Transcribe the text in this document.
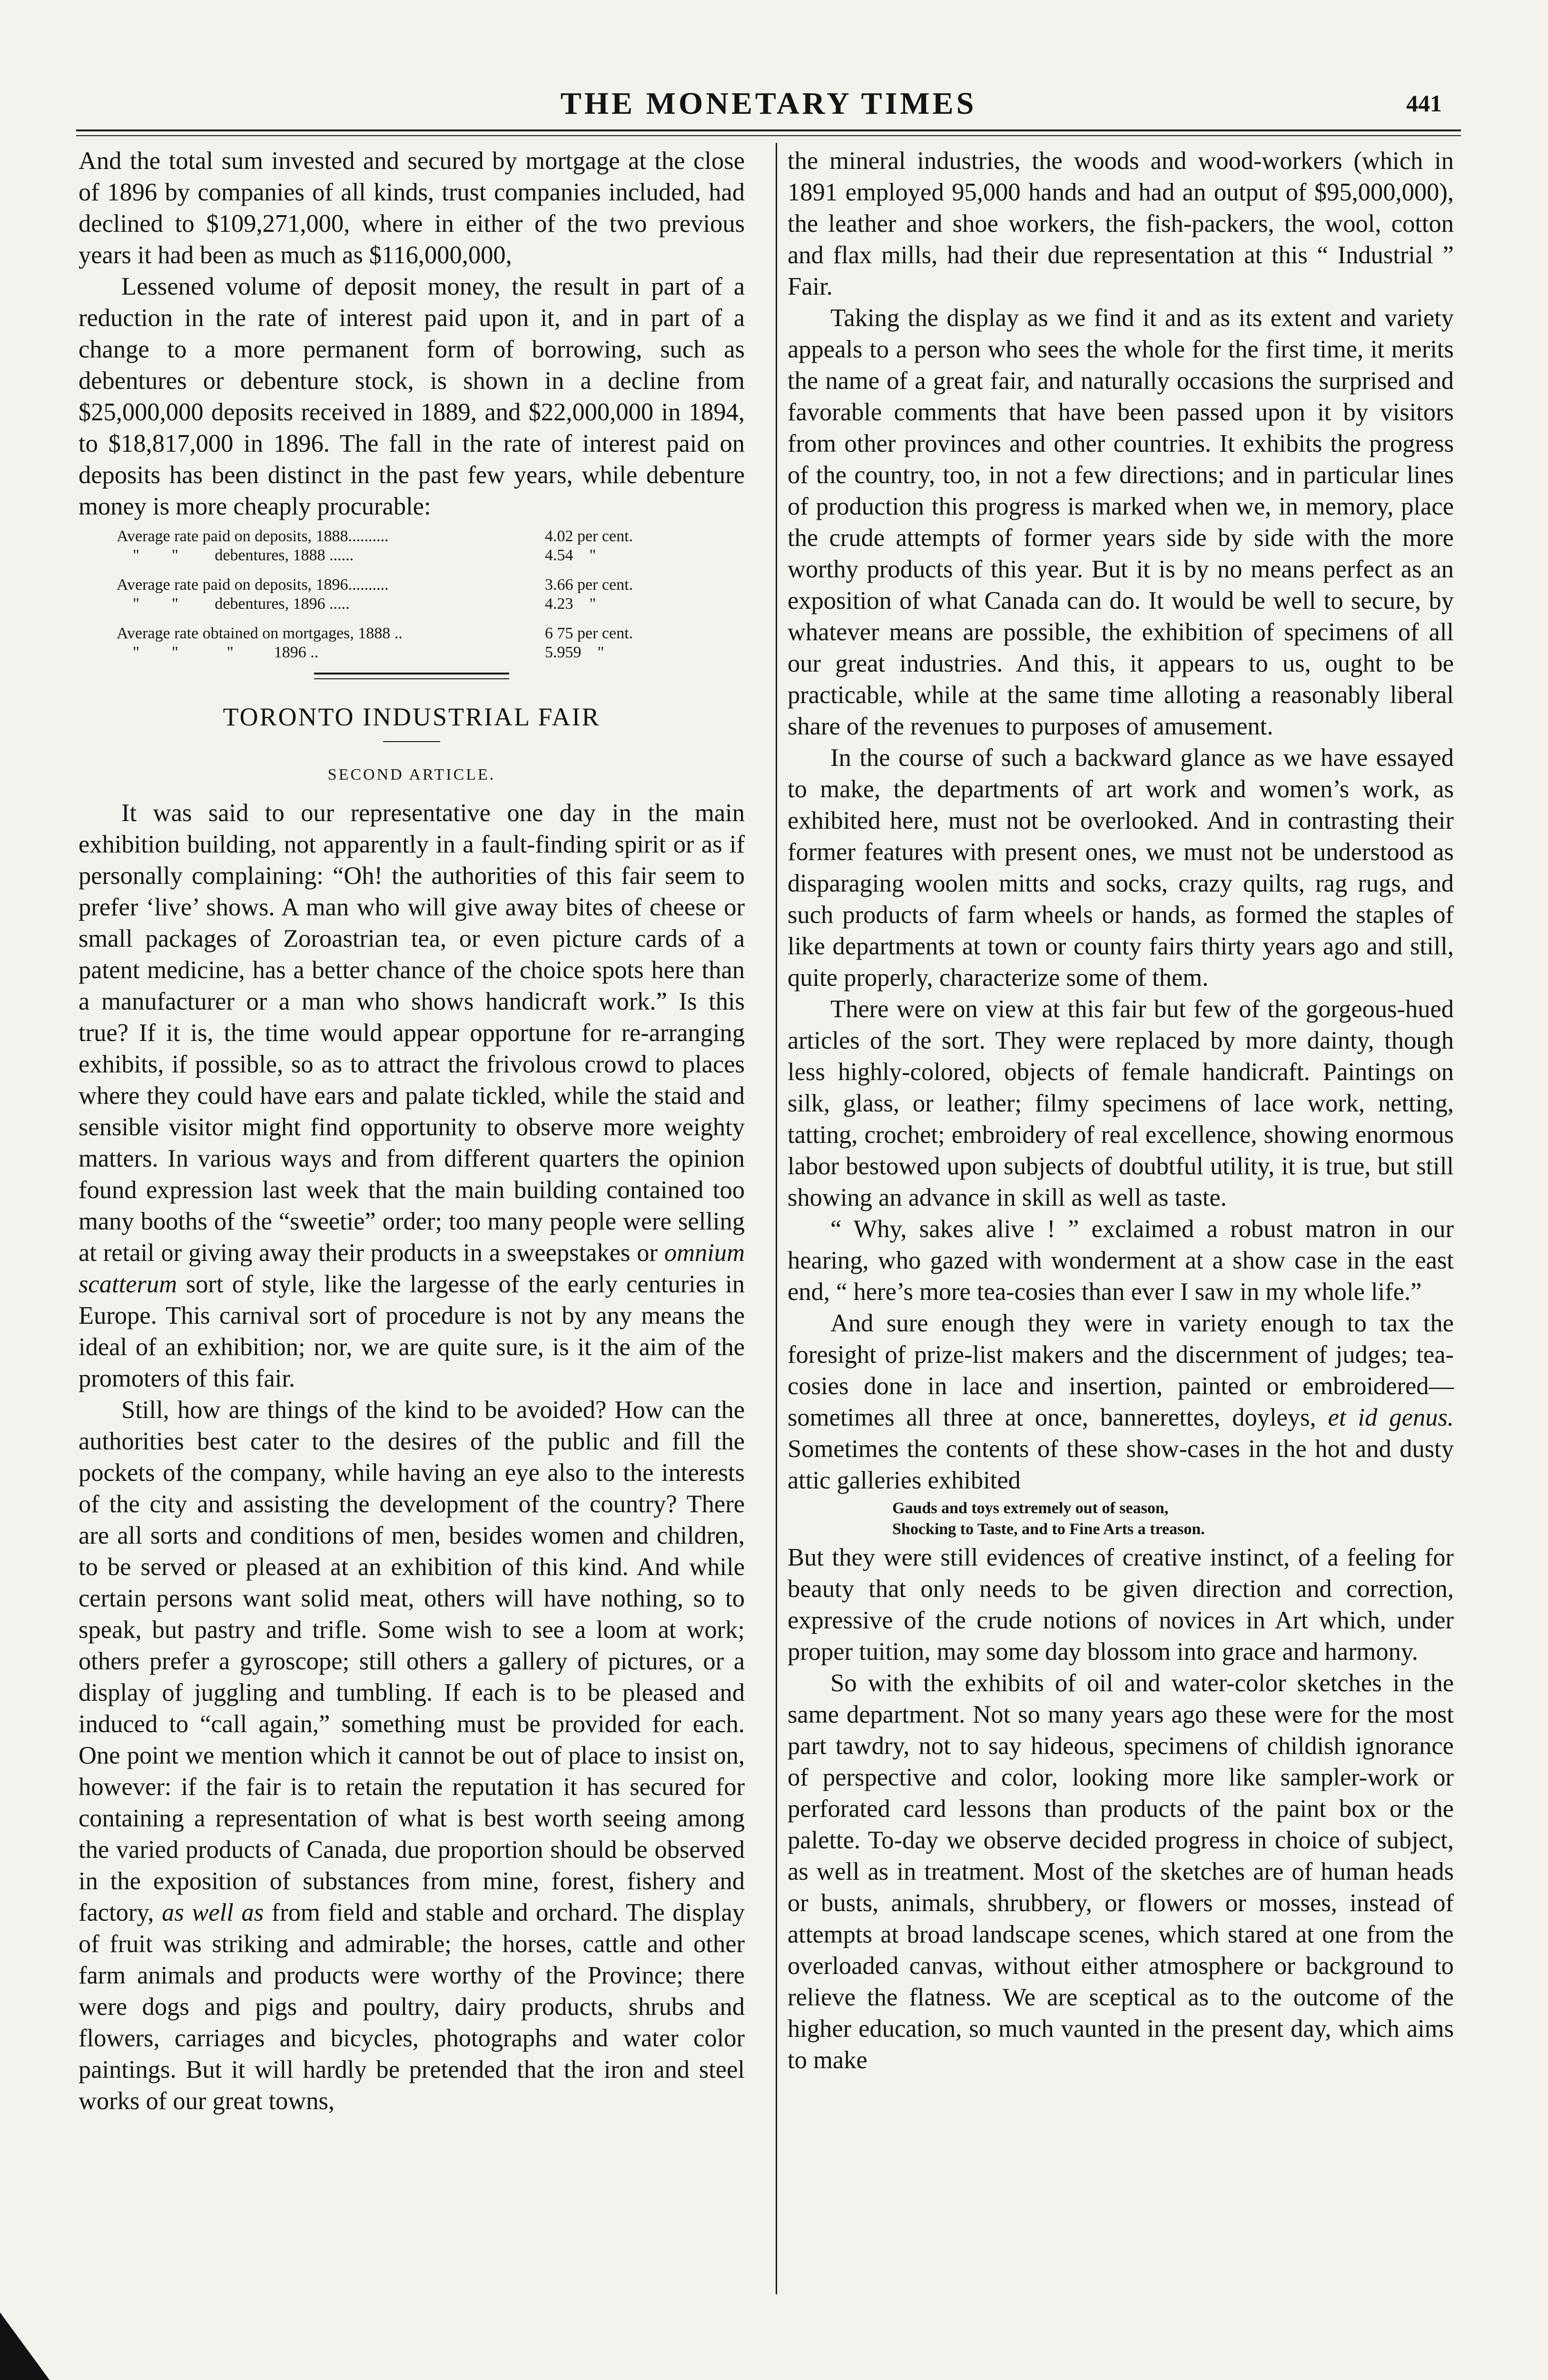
THE MONETARY TIMES	441

And the total sum invested and secured by mortgage at the close of 1896 by companies of all kinds, trust companies included, had declined to $109,271,000, where in either of the two previous years it had been as much as $116,000,000,

Lessened volume of deposit money, the result in part of a reduction in the rate of interest paid upon it, and in part of a change to a more permanent form of borrowing, such as debentures or debenture stock, is shown in a decline from $25,000,000 deposits received in 1889, and $22,000,000 in 1894, to $18,817,000 in 1896. The fall in the rate of interest paid on deposits has been distinct in the past few years, while debenture money is more cheaply procurable:

Average rate paid on deposits, 1888..........	4.02 per cent.
"        "         debentures, 1888 ......	4.54    "
Average rate paid on deposits, 1896..........	3.66 per cent.
"        "         debentures, 1896 .....	4.23    "
Average rate obtained on mortgages, 1888 ..	6 75 per cent.
"        "            "          1896 ..	5.959    "
TORONTO INDUSTRIAL FAIR
SECOND ARTICLE.

It was said to our representative one day in the main exhibition building, not apparently in a fault-finding spirit or as if personally complaining: “Oh! the authorities of this fair seem to prefer ‘live’ shows. A man who will give away bites of cheese or small packages of Zoroastrian tea, or even picture cards of a patent medicine, has a better chance of the choice spots here than a manufacturer or a man who shows handicraft work.” Is this true? If it is, the time would appear opportune for re-arranging exhibits, if possible, so as to attract the frivolous crowd to places where they could have ears and palate tickled, while the staid and sensible visitor might find opportunity to observe more weighty matters. In various ways and from different quarters the opinion found expression last week that the main building contained too many booths of the “sweetie” order; too many people were selling at retail or giving away their products in a sweepstakes or omnium scatterum sort of style, like the largesse of the early centuries in Europe. This carnival sort of procedure is not by any means the ideal of an exhibition; nor, we are quite sure, is it the aim of the promoters of this fair.

Still, how are things of the kind to be avoided? How can the authorities best cater to the desires of the public and fill the pockets of the company, while having an eye also to the interests of the city and assisting the development of the country? There are all sorts and conditions of men, besides women and children, to be served or pleased at an exhibition of this kind. And while certain persons want solid meat, others will have nothing, so to speak, but pastry and trifle. Some wish to see a loom at work; others prefer a gyroscope; still others a gallery of pictures, or a display of juggling and tumbling. If each is to be pleased and induced to “call again,” something must be provided for each. One point we mention which it cannot be out of place to insist on, however: if the fair is to retain the reputation it has secured for containing a representation of what is best worth seeing among the varied products of Canada, due proportion should be observed in the exposition of substances from mine, forest, fishery and factory, as well as from field and stable and orchard. The display of fruit was striking and admirable; the horses, cattle and other farm animals and products were worthy of the Province; there were dogs and pigs and poultry, dairy products, shrubs and flowers, carriages and bicycles, photographs and water color paintings. But it will hardly be pretended that the iron and steel works of our great towns,

the mineral industries, the woods and wood-workers (which in 1891 employed 95,000 hands and had an output of $95,000,000), the leather and shoe workers, the fish-packers, the wool, cotton and flax mills, had their due representation at this “ Industrial ” Fair.

Taking the display as we find it and as its extent and variety appeals to a person who sees the whole for the first time, it merits the name of a great fair, and naturally occasions the surprised and favorable comments that have been passed upon it by visitors from other provinces and other countries. It exhibits the progress of the country, too, in not a few directions; and in particular lines of production this progress is marked when we, in memory, place the crude attempts of former years side by side with the more worthy products of this year. But it is by no means perfect as an exposition of what Canada can do. It would be well to secure, by whatever means are possible, the exhibition of specimens of all our great industries. And this, it appears to us, ought to be practicable, while at the same time alloting a reasonably liberal share of the revenues to purposes of amusement.

In the course of such a backward glance as we have essayed to make, the departments of art work and women’s work, as exhibited here, must not be overlooked. And in contrasting their former features with present ones, we must not be understood as disparaging woolen mitts and socks, crazy quilts, rag rugs, and such products of farm wheels or hands, as formed the staples of like departments at town or county fairs thirty years ago and still, quite properly, characterize some of them.

There were on view at this fair but few of the gorgeous-hued articles of the sort. They were replaced by more dainty, though less highly-colored, objects of female handicraft. Paintings on silk, glass, or leather; filmy specimens of lace work, netting, tatting, crochet; embroidery of real excellence, showing enormous labor bestowed upon subjects of doubtful utility, it is true, but still showing an advance in skill as well as taste.

“ Why, sakes alive ! ” exclaimed a robust matron in our hearing, who gazed with wonderment at a show case in the east end, “ here’s more tea-cosies than ever I saw in my whole life.”

And sure enough they were in variety enough to tax the foresight of prize-list makers and the discernment of judges; tea-cosies done in lace and insertion, painted or embroidered—sometimes all three at once, bannerettes, doyleys, et id genus. Sometimes the contents of these show-cases in the hot and dusty attic galleries exhibited

Gauds and toys extremely out of season,
Shocking to Taste, and to Fine Arts a treason.

But they were still evidences of creative instinct, of a feeling for beauty that only needs to be given direction and correction, expressive of the crude notions of novices in Art which, under proper tuition, may some day blossom into grace and harmony.

So with the exhibits of oil and water-color sketches in the same department. Not so many years ago these were for the most part tawdry, not to say hideous, specimens of childish ignorance of perspective and color, looking more like sampler-work or perforated card lessons than products of the paint box or the palette. To-day we observe decided progress in choice of subject, as well as in treatment. Most of the sketches are of human heads or busts, animals, shrubbery, or flowers or mosses, instead of attempts at broad landscape scenes, which stared at one from the overloaded canvas, without either atmosphere or background to relieve the flatness. We are sceptical as to the outcome of the higher education, so much vaunted in the present day, which aims to make
